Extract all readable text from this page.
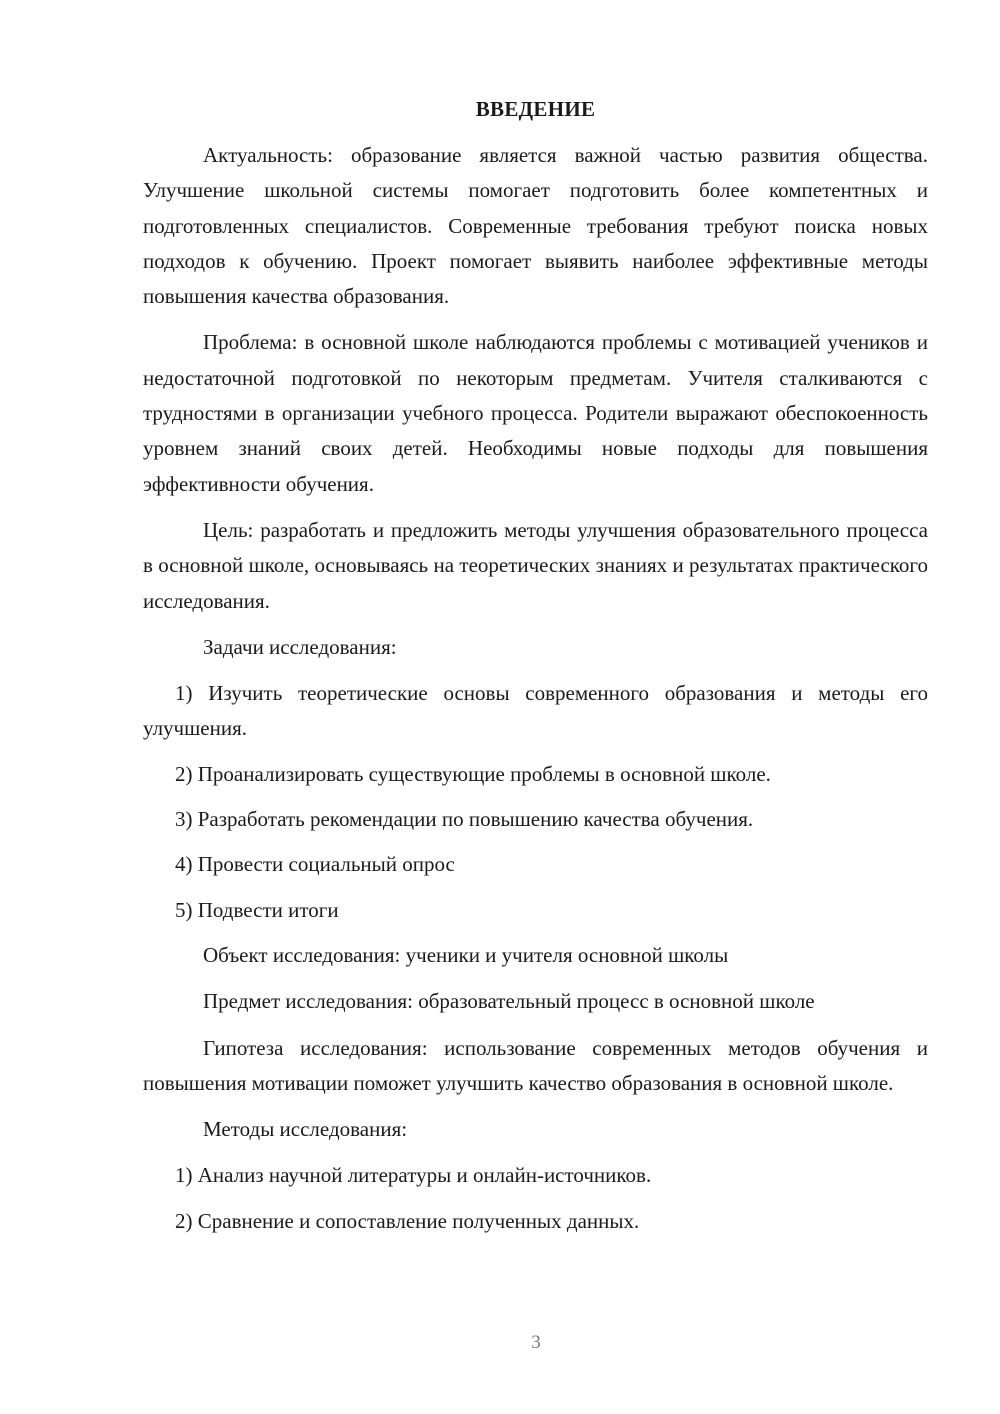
ВВЕДЕНИЕ

Актуальность: образование является важной частью развития общества. Улучшение школьной системы помогает подготовить более компетентных и подготовленных специалистов. Современные требования требуют поиска новых подходов к обучению. Проект помогает выявить наиболее эффективные методы повышения качества образования.

Проблема: в основной школе наблюдаются проблемы с мотивацией учеников и недостаточной подготовкой по некоторым предметам. Учителя сталкиваются с трудностями в организации учебного процесса. Родители выражают обеспокоенность уровнем знаний своих детей. Необходимы новые подходы для повышения эффективности обучения.

Цель: разработать и предложить методы улучшения образовательного процесса в основной школе, основываясь на теоретических знаниях и результатах практического исследования.

Задачи исследования:

1) Изучить теоретические основы современного образования и методы его улучшения.

2) Проанализировать существующие проблемы в основной школе.

3) Разработать рекомендации по повышению качества обучения.

4) Провести социальный опрос

5) Подвести итоги

Объект исследования: ученики и учителя основной школы

Предмет исследования: образовательный процесс в основной школе

Гипотеза исследования: использование современных методов обучения и повышения мотивации поможет улучшить качество образования в основной школе.

Методы исследования:

1) Анализ научной литературы и онлайн-источников.

2) Сравнение и сопоставление полученных данных.

3
